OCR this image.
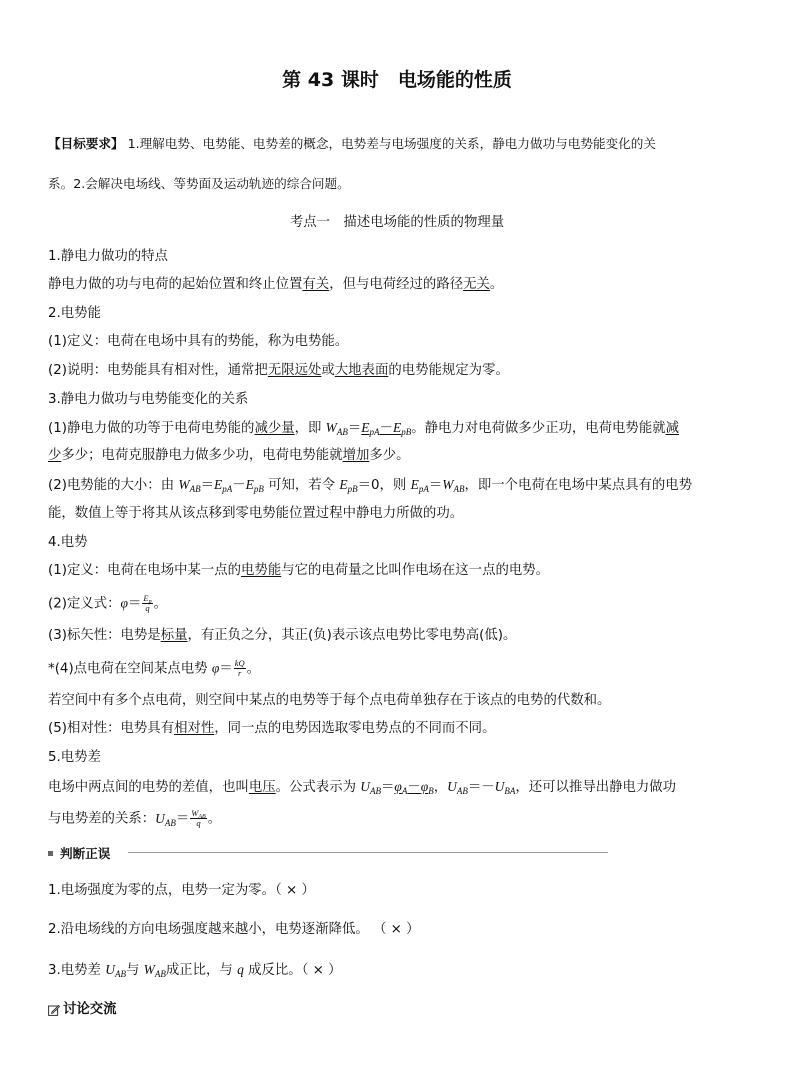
第 43 课时　电场能的性质
【目标要求】 1.理解电势、电势能、电势差的概念，电势差与电场强度的关系，静电力做功与电势能变化的关
系。2.会解决电场线、等势面及运动轨迹的综合问题。
考点一　描述电场能的性质的物理量
1.静电力做功的特点
静电力做的功与电荷的起始位置和终止位置有关，但与电荷经过的路径无关。
2.电势能
(1)定义：电荷在电场中具有的势能，称为电势能。
(2)说明：电势能具有相对性，通常把无限远处或大地表面的电势能规定为零。
3.静电力做功与电势能变化的关系
(1)静电力做的功等于电荷电势能的减少量，即 $W_{AB}=E_{pA}-E_{pB}$。静电力对电荷做多少正功，电荷电势能就减
少多少；电荷克服静电力做多少功，电荷电势能就增加多少。
(2)电势能的大小：由 $W_{AB}=E_{pA}-E_{pB}$ 可知，若令 $E_{pB}=0$，则 $E_{pA}=W_{AB}$，即一个电荷在电场中某点具有的电势
能，数值上等于将其从该点移到零电势能位置过程中静电力所做的功。
4.电势
(1)定义：电荷在电场中某一点的电势能与它的电荷量之比叫作电场在这一点的电势。
(2)定义式：$\varphi= \frac{E_p}{q}$ 。
(3)标矢性：电势是标量，有正负之分，其正(负)表示该点电势比零电势高(低)。
*(4)点电荷在空间某点电势 $\varphi= \frac{kQ}{r}$ 。
若空间中有多个点电荷，则空间中某点的电势等于每个点电荷单独存在于该点的电势的代数和。
(5)相对性：电势具有相对性，同一点的电势因选取零电势点的不同而不同。
5.电势差
电场中两点间的电势的差值，也叫电压。公式表示为 $U_{AB}=\varphi_A-\varphi_B$，$U_{AB}=-U_{BA}$，还可以推导出静电力做功
与电势差的关系：$U_{AB}= \frac{W_{AB}}{q}$ 。
判断正误
1.电场强度为零的点，电势一定为零。（ × ）
2.沿电场线的方向电场强度越来越小，电势逐渐降低。 （ × ）
3.电势差 $U_{AB}$与 $W_{AB}$成正比，与 q 成反比。（ × ）
讨论交流
